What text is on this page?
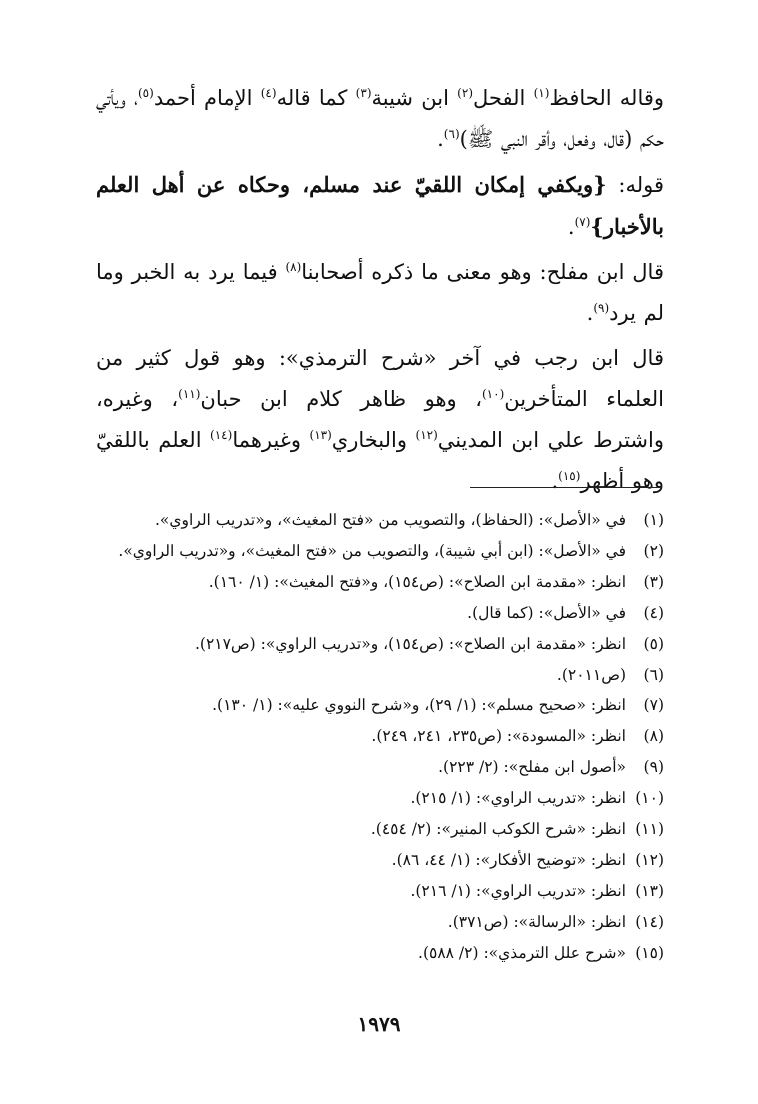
وقاله الحافظ$^{(١)}$ الفحل$^{(٢)}$ ابن شيبة$^{(٣)}$ كما قاله$^{(٤)}$ الإمام أحمد$^{(٥)}$، ويأتي حكم (قال، وفعل، وأقر النبي ﷺ)$^{(٦)}$.

قوله: {ويكفي إمكان اللقيّ عند مسلم، وحكاه عن أهل العلم بالأخبار}$^{(٧)}$.

قال ابن مفلح: وهو معنى ما ذكره أصحابنا$^{(٨)}$ فيما يرد به الخبر وما لم يرد$^{(٩)}$.

قال ابن رجب في آخر «شرح الترمذي»: وهو قول كثير من العلماء المتأخرين$^{(١٠)}$، وهو ظاهر كلام ابن حبان$^{(١١)}$، وغيره، واشترط علي ابن المديني$^{(١٢)}$ والبخاري$^{(١٣)}$ وغيرهما$^{(١٤)}$ العلم باللقيّ وهو أظهر$^{(١٥)}$.

(١)في «الأصل»: (الحفاظ)، والتصويب من «فتح المغيث»، و«تدريب الراوي».
(٢)في «الأصل»: (ابن أبي شيبة)، والتصويب من «فتح المغيث»، و«تدريب الراوي».
(٣)انظر: «مقدمة ابن الصلاح»: (ص١٥٤)، و«فتح المغيث»: (١/ ١٦٠).
(٤)في «الأصل»: (كما قال).
(٥)انظر: «مقدمة ابن الصلاح»: (ص١٥٤)، و«تدريب الراوي»: (ص٢١٧).
(٦)(ص٢٠١١).
(٧)انظر: «صحيح مسلم»: (١/ ٢٩)، و«شرح النووي عليه»: (١/ ١٣٠).
(٨)انظر: «المسودة»: (ص٢٣٥، ٢٤١، ٢٤٩).
(٩)«أصول ابن مفلح»: (٢/ ٢٢٣).
(١٠)انظر: «تدريب الراوي»: (١/ ٢١٥).
(١١)انظر: «شرح الكوكب المنير»: (٢/ ٤٥٤).
(١٢)انظر: «توضيح الأفكار»: (١/ ٤٤، ٨٦).
(١٣)انظر: «تدريب الراوي»: (١/ ٢١٦).
(١٤)انظر: «الرسالة»: (ص٣٧١).
(١٥)«شرح علل الترمذي»: (٢/ ٥٨٨).
١٩٧٩
